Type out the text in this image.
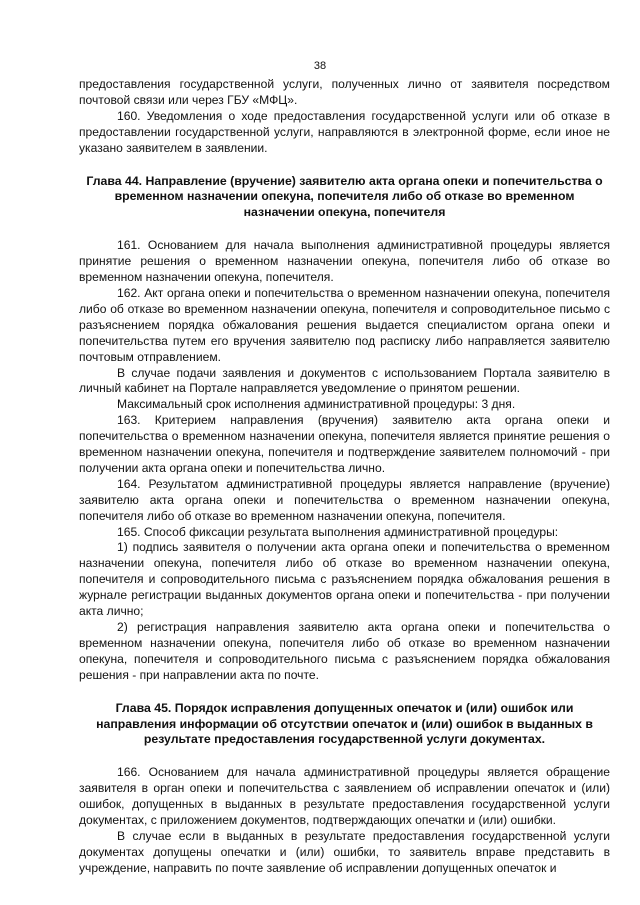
38

предоставления государственной услуги, полученных лично от заявителя посредством почтовой связи или через ГБУ «МФЦ».

160. Уведомления о ходе предоставления государственной услуги или об отказе в предоставлении государственной услуги, направляются в электронной форме, если иное не указано заявителем в заявлении.

Глава 44. Направление (вручение) заявителю акта органа опеки и попечительства о временном назначении опекуна, попечителя либо об отказе во временном назначении опекуна, попечителя

161. Основанием для начала выполнения административной процедуры является принятие решения о временном назначении опекуна, попечителя либо об отказе во временном назначении опекуна, попечителя.

162. Акт органа опеки и попечительства о временном назначении опекуна, попечителя либо об отказе во временном назначении опекуна, попечителя и сопроводительное письмо с разъяснением порядка обжалования решения выдается специалистом органа опеки и попечительства путем его вручения заявителю под расписку либо направляется заявителю почтовым отправлением.

В случае подачи заявления и документов с использованием Портала заявителю в личный кабинет на Портале направляется уведомление о принятом решении.

Максимальный срок исполнения административной процедуры: 3 дня.

163. Критерием направления (вручения) заявителю акта органа опеки и попечительства о временном назначении опекуна, попечителя является принятие решения о временном назначении опекуна, попечителя и подтверждение заявителем полномочий - при получении акта органа опеки и попечительства лично.

164. Результатом административной процедуры является направление (вручение) заявителю акта органа опеки и попечительства о временном назначении опекуна, попечителя либо об отказе во временном назначении опекуна, попечителя.

165. Способ фиксации результата выполнения административной процедуры:

1) подпись заявителя о получении акта органа опеки и попечительства о временном назначении опекуна, попечителя либо об отказе во временном назначении опекуна, попечителя и сопроводительного письма с разъяснением порядка обжалования решения в журнале регистрации выданных документов органа опеки и попечительства - при получении акта лично;

2) регистрация направления заявителю акта органа опеки и попечительства о временном назначении опекуна, попечителя либо об отказе во временном назначении опекуна, попечителя и сопроводительного письма с разъяснением порядка обжалования решения - при направлении акта по почте.

Глава 45. Порядок исправления допущенных опечаток и (или) ошибок или направления информации об отсутствии опечаток и (или) ошибок в выданных в результате предоставления государственной услуги документах.

166. Основанием для начала административной процедуры является обращение заявителя в орган опеки и попечительства с заявлением об исправлении опечаток и (или) ошибок, допущенных в выданных в результате предоставления государственной услуги документах, с приложением документов, подтверждающих опечатки и (или) ошибки.

В случае если в выданных в результате предоставления государственной услуги документах допущены опечатки и (или) ошибки, то заявитель вправе представить в учреждение, направить по почте заявление об исправлении допущенных опечаток и
